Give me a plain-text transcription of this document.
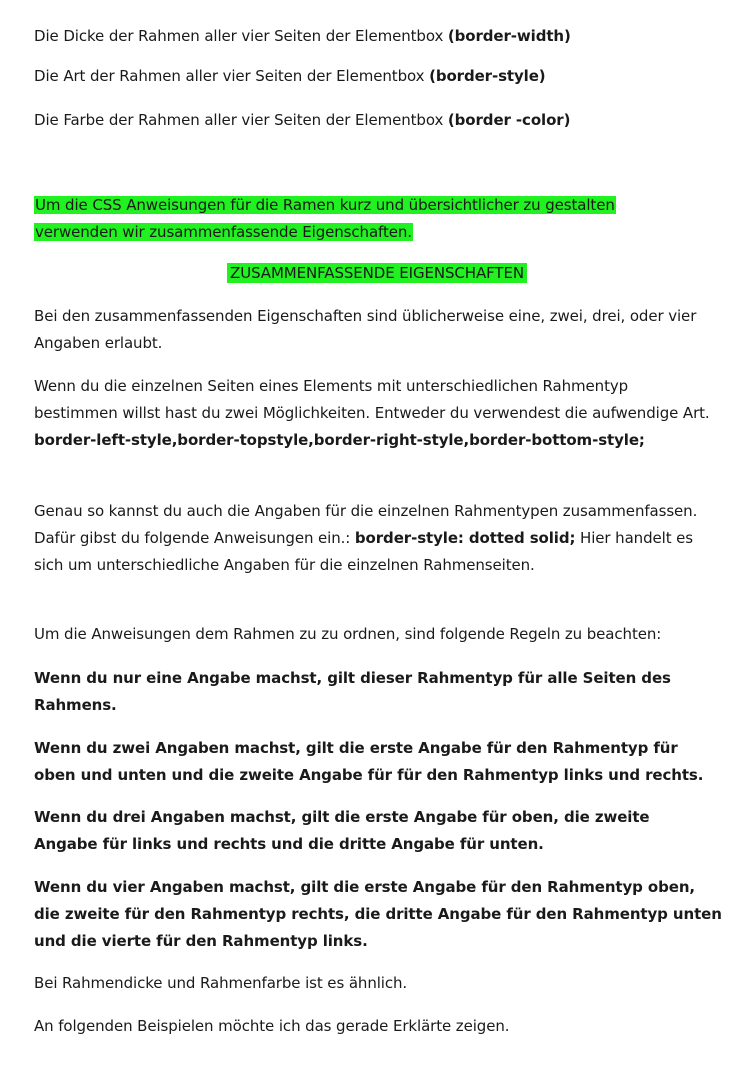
Die Dicke der Rahmen aller vier Seiten der Elementbox (border-width)

Die Art der Rahmen aller vier Seiten der Elementbox (border-style)

Die Farbe der Rahmen aller vier Seiten der Elementbox (border -color)

Um die CSS Anweisungen für die Ramen kurz und übersichtlicher zu gestalten verwenden wir zusammenfassende Eigenschaften.

ZUSAMMENFASSENDE EIGENSCHAFTEN

Bei den zusammenfassenden Eigenschaften sind üblicherweise eine, zwei, drei, oder vier Angaben erlaubt.

Wenn du die einzelnen Seiten eines Elements mit unterschiedlichen Rahmentyp bestimmen willst hast du zwei Möglichkeiten. Entweder du verwendest die aufwendige Art. border-left-style,border-topstyle,border-right-style,border-bottom-style;

Genau so kannst du auch die Angaben für die einzelnen Rahmentypen zusammenfassen. Dafür gibst du folgende Anweisungen ein.: border-style: dotted solid; Hier handelt es sich um unterschiedliche Angaben für die einzelnen Rahmenseiten.

Um die Anweisungen dem Rahmen zu zu ordnen, sind folgende Regeln zu beachten:

Wenn du nur eine Angabe machst, gilt dieser Rahmentyp für alle Seiten des Rahmens.

Wenn du zwei Angaben machst, gilt die erste Angabe für den Rahmentyp für oben und unten und die zweite Angabe für für den Rahmentyp links und rechts.

Wenn du drei Angaben machst, gilt die erste Angabe für oben, die zweite Angabe für links und rechts und die dritte Angabe für unten.

Wenn du vier Angaben machst, gilt die erste Angabe für den Rahmentyp oben, die zweite für den Rahmentyp rechts, die dritte Angabe für den Rahmentyp unten und die vierte für den Rahmentyp links.

Bei Rahmendicke und Rahmenfarbe ist es ähnlich.

An folgenden Beispielen möchte ich das gerade Erklärte zeigen.
